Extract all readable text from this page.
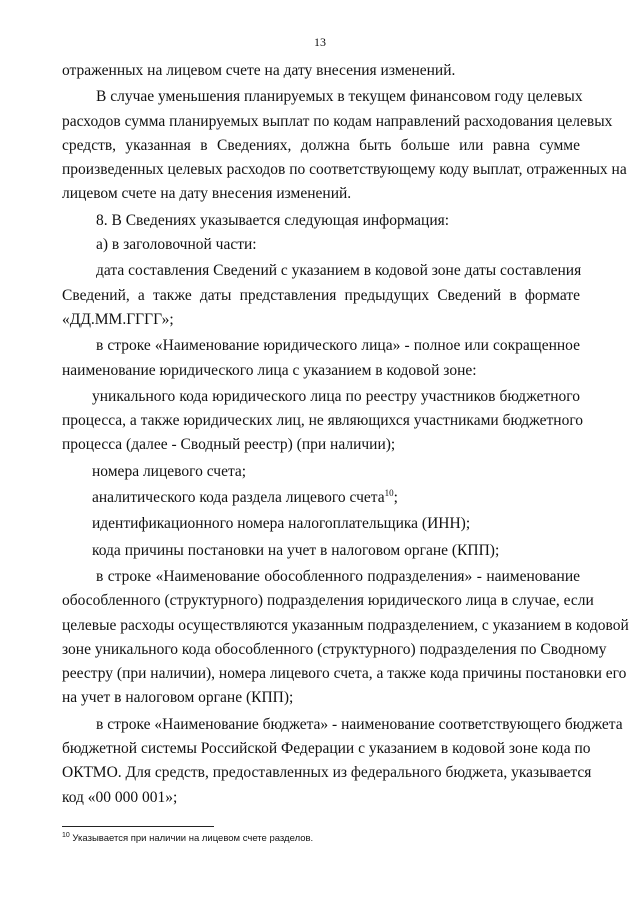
13
отраженных на лицевом счете на дату внесения изменений.
В случае уменьшения планируемых в текущем финансовом году целевых
расходов сумма планируемых выплат по кодам направлений расходования целевых
средств, указанная в Сведениях, должна быть больше или равна сумме
произведенных целевых расходов по соответствующему коду выплат, отраженных на
лицевом счете на дату внесения изменений.
8. В Сведениях указывается следующая информация:
а) в заголовочной части:
дата составления Сведений с указанием в кодовой зоне даты составления
Сведений, а также даты представления предыдущих Сведений в формате
«ДД.ММ.ГГГГ»;
в строке «Наименование юридического лица» - полное или сокращенное
наименование юридического лица с указанием в кодовой зоне:
уникального кода юридического лица по реестру участников бюджетного
процесса, а также юридических лиц, не являющихся участниками бюджетного
процесса (далее - Сводный реестр) (при наличии);
номера лицевого счета;
аналитического кода раздела лицевого счета$^{10}$;
идентификационного номера налогоплательщика (ИНН);
кода причины постановки на учет в налоговом органе (КПП);
в строке «Наименование обособленного подразделения» - наименование
обособленного (структурного) подразделения юридического лица в случае, если
целевые расходы осуществляются указанным подразделением, с указанием в кодовой
зоне уникального кода обособленного (структурного) подразделения по Сводному
реестру (при наличии), номера лицевого счета, а также кода причины постановки его
на учет в налоговом органе (КПП);
в строке «Наименование бюджета» - наименование соответствующего бюджета
бюджетной системы Российской Федерации с указанием в кодовой зоне кода по
ОКТМО. Для средств, предоставленных из федерального бюджета, указывается
код «00 000 001»;
$^{10}$ Указывается при наличии на лицевом счете разделов.
